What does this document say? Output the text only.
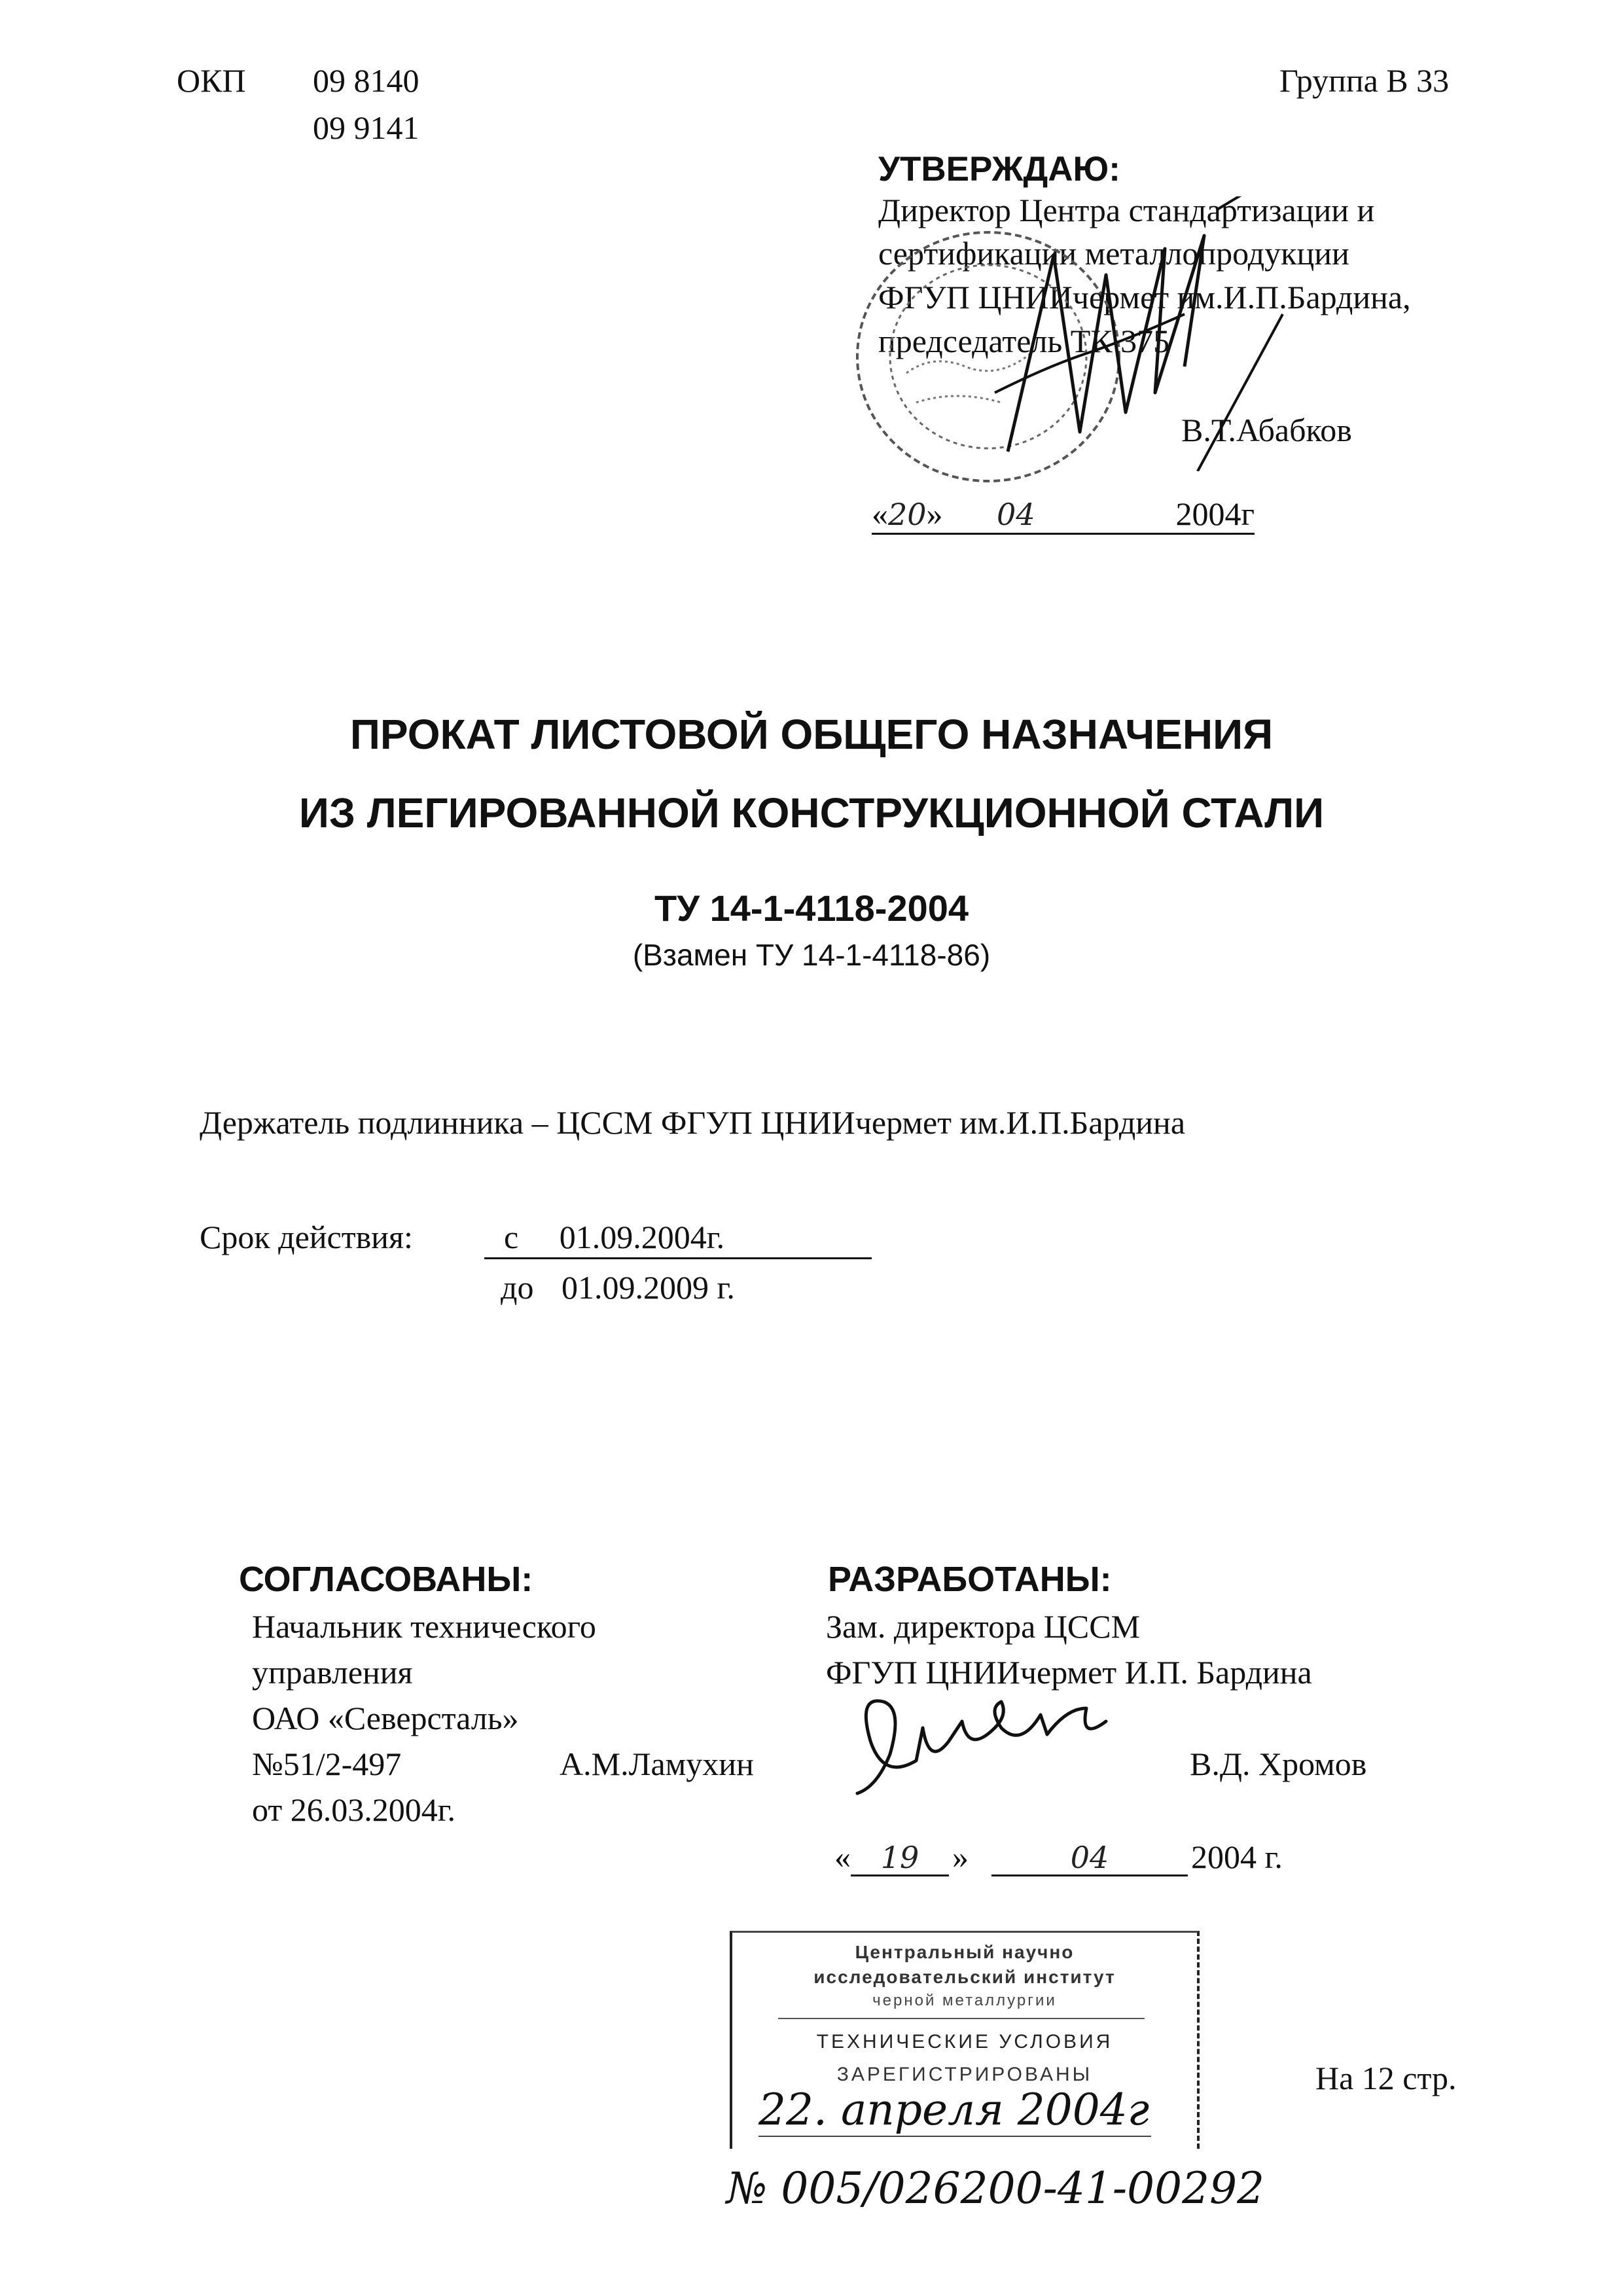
ОКП 09 8140
09 9141
Группа В 33
УТВЕРЖДАЮ:
Директор Центра стандартизации и
сертификации металлопродукции
ФГУП ЦНИИчермет им.И.П.Бардина,
председатель ТК 375
В.Т.Абабков
«20» 04	2004г
ПРОКАТ ЛИСТОВОЙ ОБЩЕГО НАЗНАЧЕНИЯ
ИЗ ЛЕГИРОВАННОЙ КОНСТРУКЦИОННОЙ СТАЛИ
ТУ 14-1-4118-2004
(Взамен ТУ 14-1-4118-86)
Держатель подлинника – ЦССМ ФГУП ЦНИИчермет им.И.П.Бардина
Срок действия:	с 01.09.2004г.
до 01.09.2009 г.
СОГЛАСОВАНЫ:
Начальник технического
управления
ОАО «Северсталь»
№51/2-497	А.М.Ламухин
от 26.03.2004г.
РАЗРАБОТАНЫ:
Зам. директора ЦССМ
ФГУП ЦНИИчермет И.П. Бардина
В.Д. Хромов
« 19	»	04	2004 г.
Центральный научно
исследовательский институт
черной металлургии
ТЕХНИЧЕСКИЕ УСЛОВИЯ
ЗАРЕГИСТРИРОВАНЫ
22. апреля 2004г
№ 005/026200-41-00292
На 12 стр.
